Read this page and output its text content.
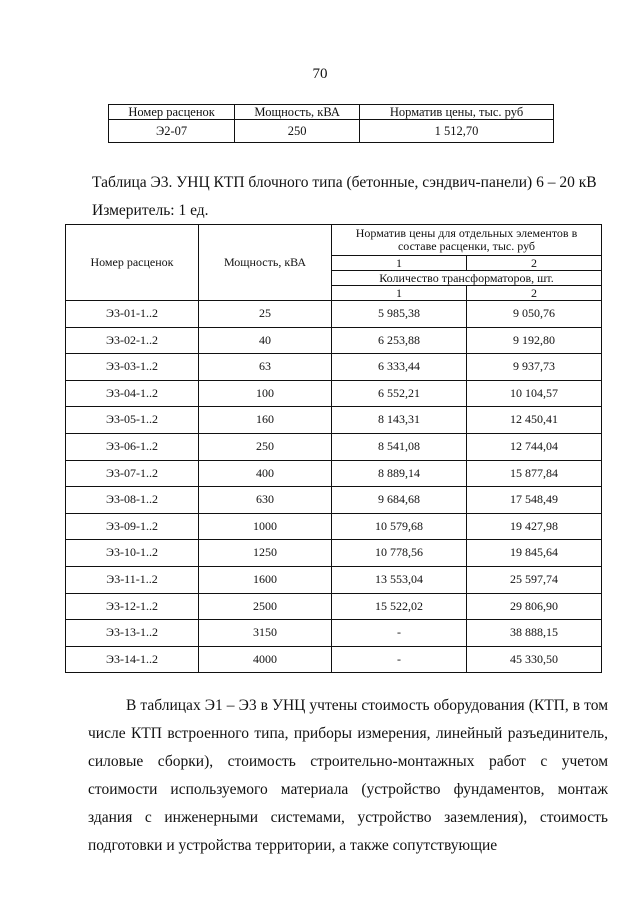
70
Номер расценок	Мощность, кВА	Норматив цены, тыс. руб
Э2-07	250	1 512,70
Таблица Э3. УНЦ КТП блочного типа (бетонные, сэндвич-панели) 6 – 20 кВ
Измеритель: 1 ед.
Номер расценок	Мощность, кВА	Норматив цены для отдельных элементов в составе расценки, тыс. руб	
		1	2
		Количество трансформаторов, шт.	
		1	2
Э3-01-1..2	25	5 985,38	9 050,76
Э3-02-1..2	40	6 253,88	9 192,80
Э3-03-1..2	63	6 333,44	9 937,73
Э3-04-1..2	100	6 552,21	10 104,57
Э3-05-1..2	160	8 143,31	12 450,41
Э3-06-1..2	250	8 541,08	12 744,04
Э3-07-1..2	400	8 889,14	15 877,84
Э3-08-1..2	630	9 684,68	17 548,49
Э3-09-1..2	1000	10 579,68	19 427,98
Э3-10-1..2	1250	10 778,56	19 845,64
Э3-11-1..2	1600	13 553,04	25 597,74
Э3-12-1..2	2500	15 522,02	29 806,90
Э3-13-1..2	3150	-	38 888,15
Э3-14-1..2	4000	-	45 330,50
В таблицах Э1 – Э3 в УНЦ учтены стоимость оборудования (КТП, в том числе КТП встроенного типа, приборы измерения, линейный разъединитель, силовые сборки), стоимость строительно-монтажных работ с учетом стоимости используемого материала (устройство фундаментов, монтаж здания с инженерными системами, устройство заземления), стоимость подготовки и устройства территории, а также сопутствующие
